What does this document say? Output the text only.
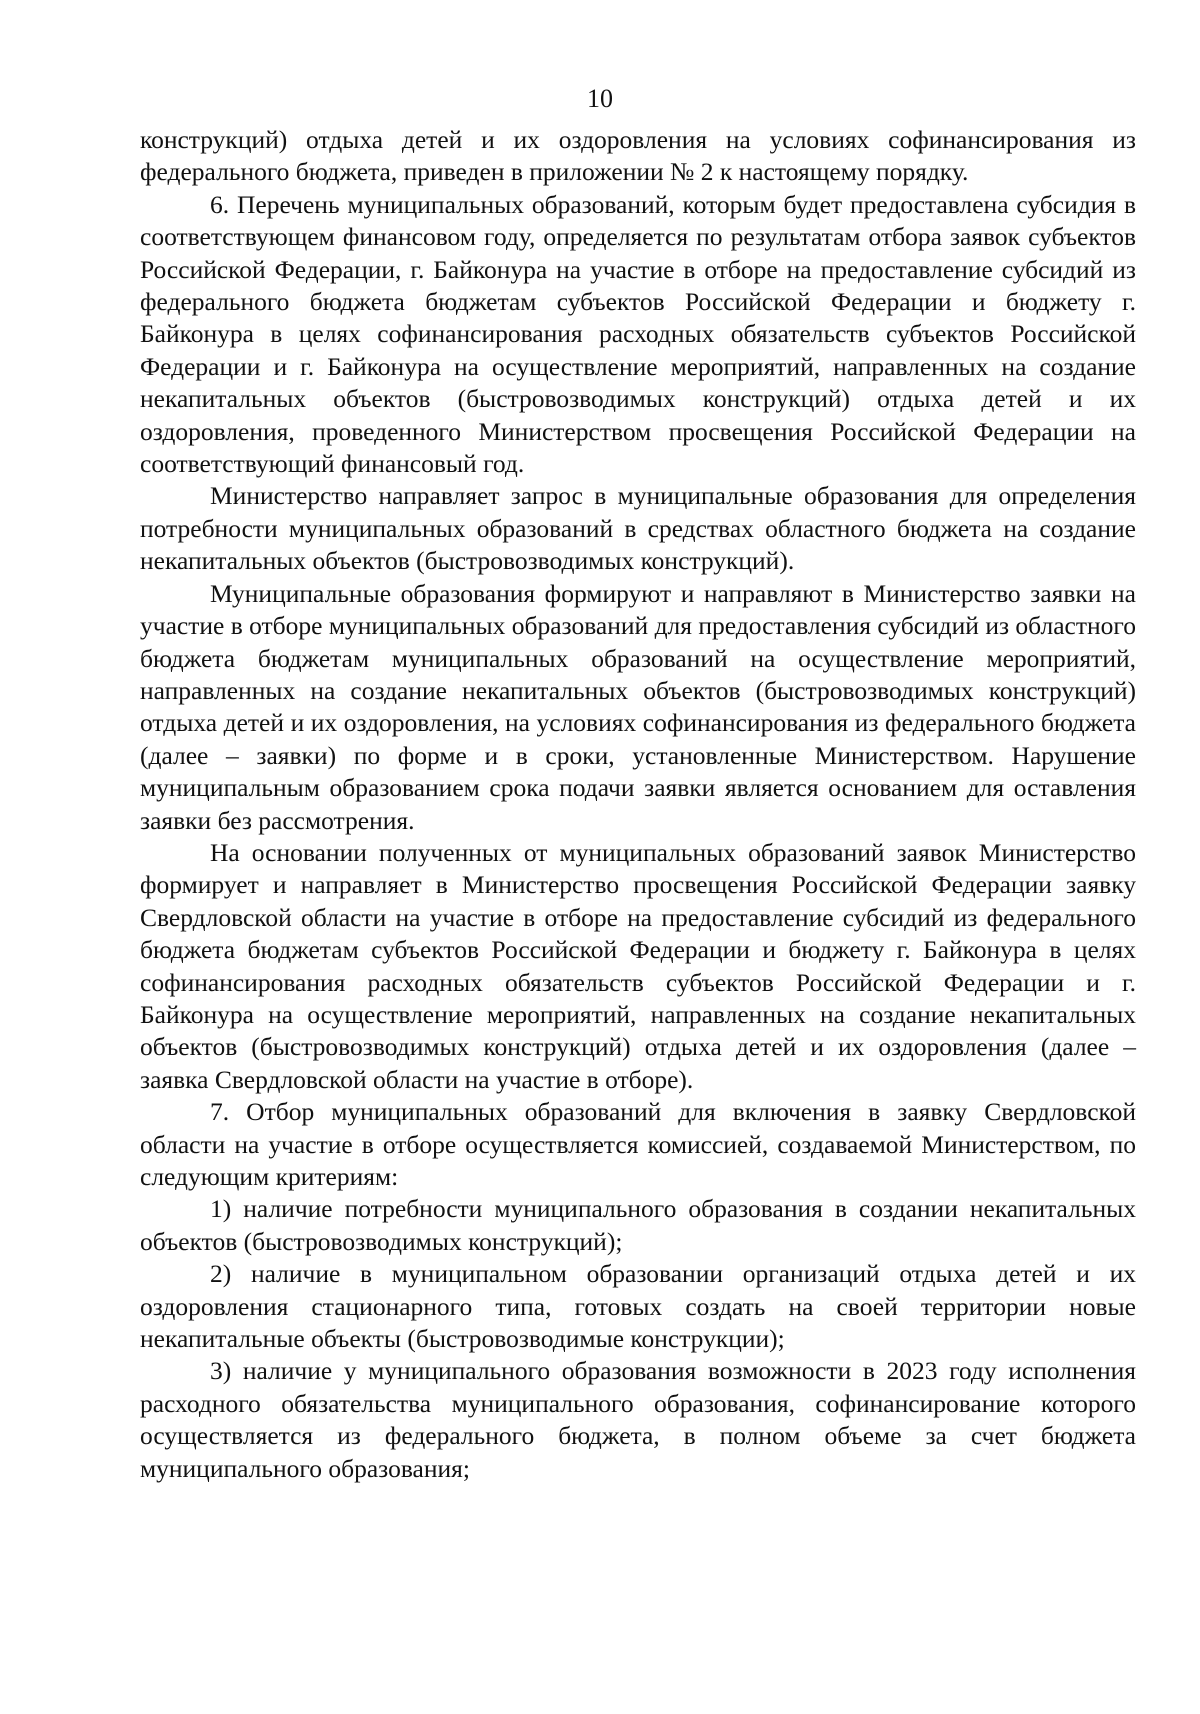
10

конструкций) отдыха детей и их оздоровления на условиях софинансирования из федерального бюджета, приведен в приложении № 2 к настоящему порядку.

6. Перечень муниципальных образований, которым будет предоставлена субсидия в соответствующем финансовом году, определяется по результатам отбора заявок субъектов Российской Федерации, г. Байконура на участие в отборе на предоставление субсидий из федерального бюджета бюджетам субъектов Российской Федерации и бюджету г. Байконура в целях софинансирования расходных обязательств субъектов Российской Федерации и г. Байконура на осуществление мероприятий, направленных на создание некапитальных объектов (быстровозводимых конструкций) отдыха детей и их оздоровления, проведенного Министерством просвещения Российской Федерации на соответствующий финансовый год.

Министерство направляет запрос в муниципальные образования для определения потребности муниципальных образований в средствах областного бюджета на создание некапитальных объектов (быстровозводимых конструкций).

Муниципальные образования формируют и направляют в Министерство заявки на участие в отборе муниципальных образований для предоставления субсидий из областного бюджета бюджетам муниципальных образований на осуществление мероприятий, направленных на создание некапитальных объектов (быстровозводимых конструкций) отдыха детей и их оздоровления, на условиях софинансирования из федерального бюджета (далее – заявки) по форме и в сроки, установленные Министерством. Нарушение муниципальным образованием срока подачи заявки является основанием для оставления заявки без рассмотрения.

На основании полученных от муниципальных образований заявок Министерство формирует и направляет в Министерство просвещения Российской Федерации заявку Свердловской области на участие в отборе на предоставление субсидий из федерального бюджета бюджетам субъектов Российской Федерации и бюджету г. Байконура в целях софинансирования расходных обязательств субъектов Российской Федерации и г. Байконура на осуществление мероприятий, направленных на создание некапитальных объектов (быстровозводимых конструкций) отдыха детей и их оздоровления (далее – заявка Свердловской области на участие в отборе).

7. Отбор муниципальных образований для включения в заявку Свердловской области на участие в отборе осуществляется комиссией, создаваемой Министерством, по следующим критериям:

1) наличие потребности муниципального образования в создании некапитальных объектов (быстровозводимых конструкций);

2) наличие в муниципальном образовании организаций отдыха детей и их оздоровления стационарного типа, готовых создать на своей территории новые некапитальные объекты (быстровозводимые конструкции);

3) наличие у муниципального образования возможности в 2023 году исполнения расходного обязательства муниципального образования, софинансирование которого осуществляется из федерального бюджета, в полном объеме за счет бюджета муниципального образования;
